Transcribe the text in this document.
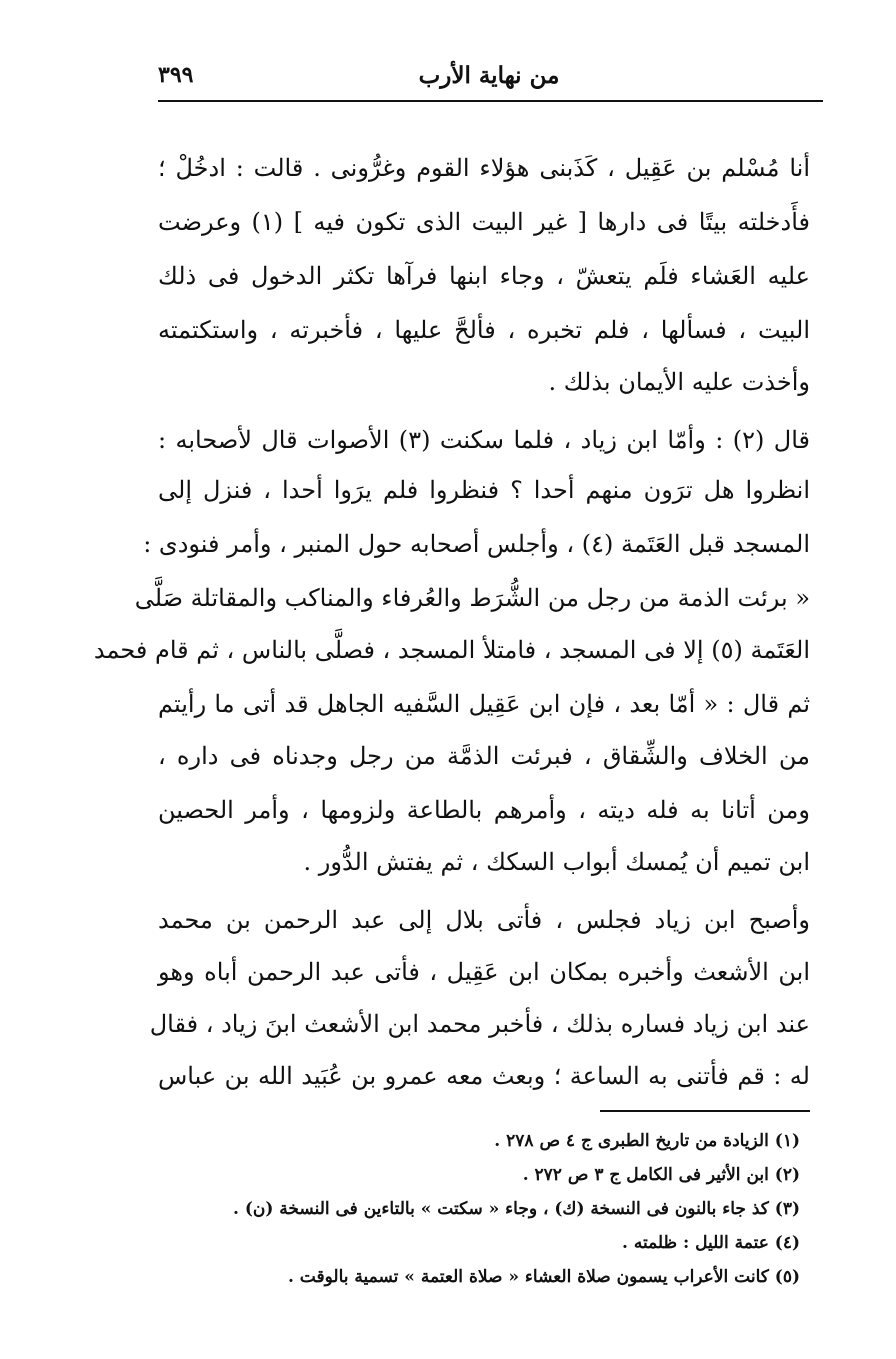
من نهاية الأرب
٣٩٩
أنا مُسْلم بن عَقِيل ، كَذَبنى هؤلاء القوم وغرُّونى . قالت : ادخُلْ ؛
فأَدخلته بيتًا فى دارها [ غير البيت الذى تكون فيه ] (١) وعرضت
عليه العَشاء فلَم يتعشّ ، وجاء ابنها فرآها تكثر الدخول فى ذلك
البيت ، فسألها ، فلم تخبره ، فألحَّ عليها ، فأخبرته ، واستكتمته
وأخذت عليه الأيمان بذلك .
قال (٢) : وأمّا ابن زياد ، فلما سكنت (٣) الأصوات قال لأصحابه :
انظروا هل ترَون منهم أحدا ؟ فنظروا فلم يرَوا أحدا ، فنزل إلى
المسجد قبل العَتَمة (٤) ، وأجلس أصحابه حول المنبر ، وأمر فنودى :
« برئت الذمة من رجل من الشُّرَط والعُرفاء والمناكب والمقاتلة صَلَّى
العَتَمة (٥) إلا فى المسجد ، فامتلأ المسجد ، فصلَّى بالناس ، ثم قام فحمد
ثم قال : « أمّا بعد ، فإن ابن عَقِيل السَّفيه الجاهل قد أتى ما رأيتم
من الخلاف والشِّقاق ، فبرئت الذمَّة من رجل وجدناه فى داره ،
ومن أتانا به فله ديته ، وأمرهم بالطاعة ولزومها ، وأمر الحصين
ابن تميم أن يُمسك أبواب السكك ، ثم يفتش الدُّور .
وأصبح ابن زياد فجلس ، فأتى بلال إلى عبد الرحمن بن محمد
ابن الأشعث وأخبره بمكان ابن عَقِيل ، فأتى عبد الرحمن أباه وهو
عند ابن زياد فساره بذلك ، فأخبر محمد ابن الأشعث ابنَ زياد ، فقال
له : قم فأتنى به الساعة ؛ وبعث معه عمرو بن عُبَيد الله بن عباس
(١) الزيادة من تاريخ الطبرى ج ٤ ص ٢٧٨ .
(٢) ابن الأثير فى الكامل ج ٣ ص ٢٧٢ .
(٣) كذ جاء بالنون فى النسخة (ك) ، وجاء « سكتت » بالتاءين فى النسخة (ن) .
(٤) عتمة الليل : ظلمته .
(٥) كانت الأعراب يسمون صلاة العشاء « صلاة العتمة » تسمية بالوقت .
